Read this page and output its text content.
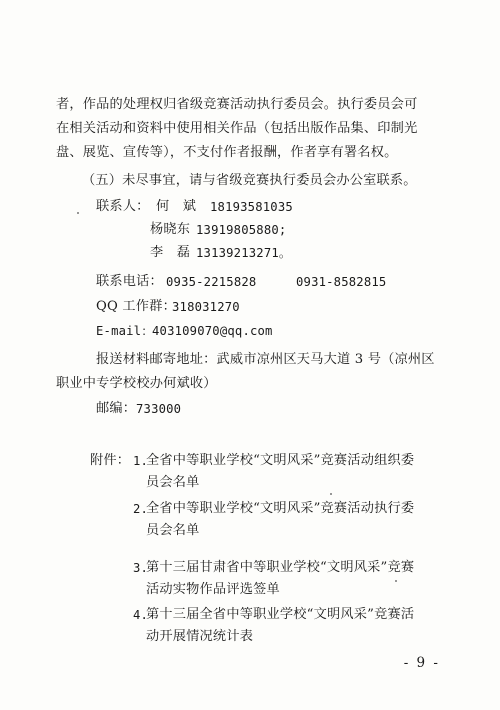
者，作品的处理权归省级竞赛活动执行委员会。执行委员会可
在相关活动和资料中使用相关作品（包括出版作品集、印制光
盘、展览、宣传等），不支付作者报酬，作者享有署名权。
（五）未尽事宜，请与省级竞赛执行委员会办公室联系。
联系人： 何　斌 18193581035
杨晓东 13919805880;
李　磊 13139213271。
联系电话： 0935-2215828	0931-8582815
QQ 工作群：
318031270
E-mail：
403109070@qq.com
报送材料邮寄地址：武威市凉州区天马大道 3 号（凉州区
职业中专学校校办何斌收）
邮编： 733000
附件： 1.
全省中等职业学校“文明风采”竞赛活动组织委
员会名单
2.
全省中等职业学校“文明风采”竞赛活动执行委
员会名单
3.
第十三届甘肃省中等职业学校“文明风采”竞赛
活动实物作品评选签单
4.
第十三届全省中等职业学校“文明风采”竞赛活
动开展情况统计表
- 9 -
